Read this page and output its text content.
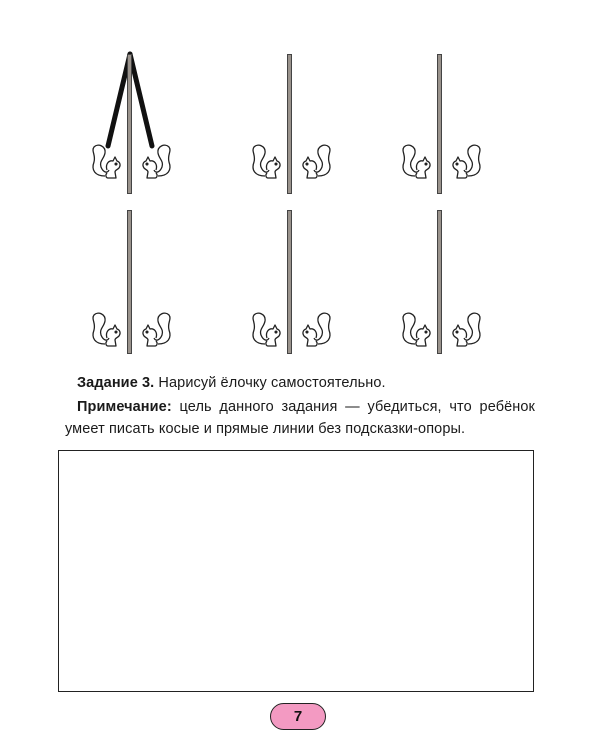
Задание 3. Нарисуй ёлочку самостоятельно.
Примечание: цель данного задания — убедиться, что ребёнок умеет писать косые и прямые линии без подсказки-опоры.
7
